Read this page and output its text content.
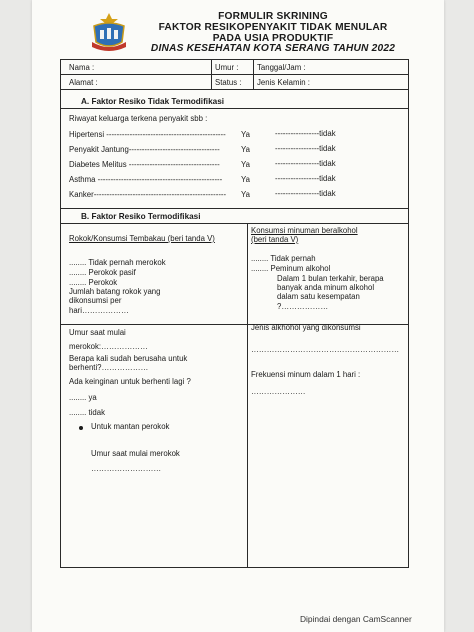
FORMULIR SKRINING
FAKTOR RESIKOPENYAKIT TIDAK MENULAR
PADA USIA PRODUKTIF
DINAS KESEHATAN KOTA SERANG TAHUN 2022
Nama :	Umur : Tanggal/Jam :
Alamat :	Status : Jenis Kelamin :
A. Faktor Resiko Tidak Termodifikasi
Riwayat keluarga terkena penyakit sbb :
Hipertensi ---------------------------------------------- Ya	-----------------tidak
Penyakit Jantung-----------------------------------	Ya	-----------------tidak
Diabetes Melitus -----------------------------------	Ya	-----------------tidak
Asthma ------------------------------------------------ Ya	-----------------tidak
Kanker--------------------------------------------------- Ya	-----------------tidak
B. Faktor Resiko Termodifikasi
Rokok/Konsumsi Tembakau (beri tanda V)
........ Tidak pernah merokok
........ Perokok pasif
........ Perokok
Jumlah batang rokok yang
dikonsumsi per
hari………………
Konsumsi minuman beralkohol
(beri tanda V)
........ Tidak pernah
........ Peminum alkohol
Dalam 1 bulan terkahir, berapa
banyak anda minum alkohol
dalam satu kesempatan
?………………
Umur saat mulai
merokok:………………
Berapa kali sudah berusaha untuk
berhenti?………………
Ada keinginan untuk berhenti lagi ?
........ ya
........ tidak
Untuk mantan perokok
Umur saat mulai merokok
………………………
Jenis alkhohol yang dikonsumsi
…………………………………………………
Frekuensi minum dalam 1 hari :
…………………
Dipindai dengan CamScanner
